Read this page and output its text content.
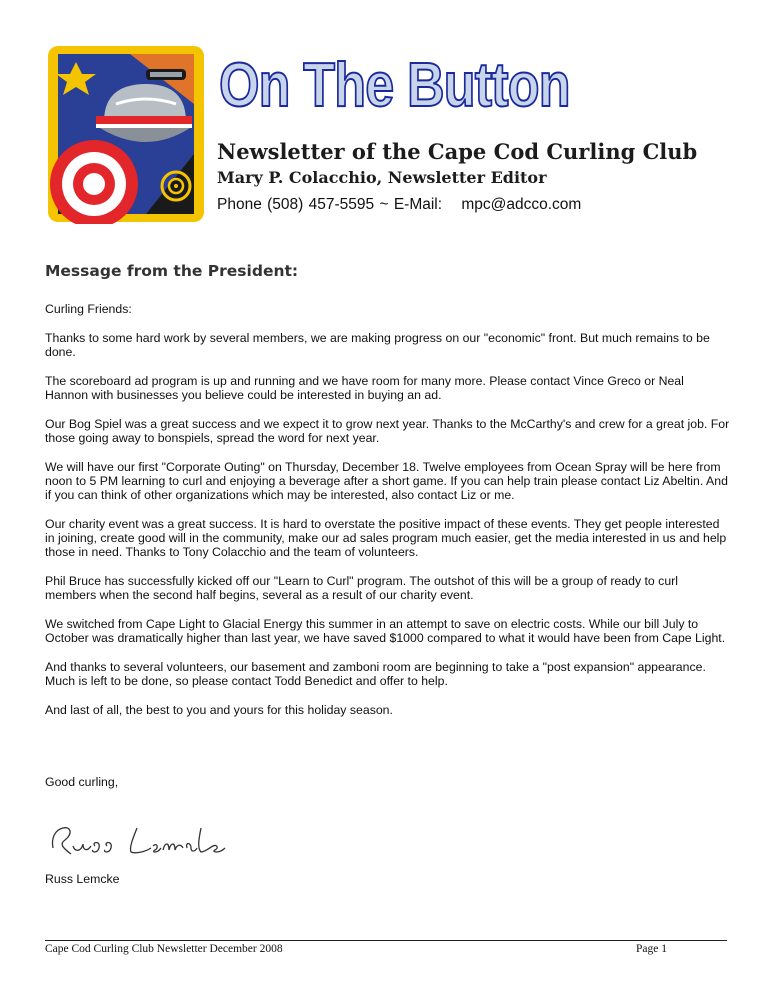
On The Button
Newsletter of the Cape Cod Curling Club
Mary P. Colacchio, Newsletter Editor
Phone (508) 457-5595 ~ E-Mail: mpc@adcco.com
Message from the President:

Curling Friends:

Thanks to some hard work by several members, we are making progress on our "economic" front. But much remains to be done.

The scoreboard ad program is up and running and we have room for many more. Please contact Vince Greco or Neal Hannon with businesses you believe could be interested in buying an ad.

Our Bog Spiel was a great success and we expect it to grow next year. Thanks to the McCarthy's and crew for a great job. For those going away to bonspiels, spread the word for next year.

We will have our first "Corporate Outing" on Thursday, December 18. Twelve employees from Ocean Spray will be here from noon to 5 PM learning to curl and enjoying a beverage after a short game. If you can help train please contact Liz Abeltin. And if you can think of other organizations which may be interested, also contact Liz or me.

Our charity event was a great success. It is hard to overstate the positive impact of these events. They get people interested in joining, create good will in the community, make our ad sales program much easier, get the media interested in us and help those in need. Thanks to Tony Colacchio and the team of volunteers.

Phil Bruce has successfully kicked off our "Learn to Curl" program. The outshot of this will be a group of ready to curl members when the second half begins, several as a result of our charity event.

We switched from Cape Light to Glacial Energy this summer in an attempt to save on electric costs. While our bill July to October was dramatically higher than last year, we have saved $1000 compared to what it would have been from Cape Light.

And thanks to several volunteers, our basement and zamboni room are beginning to take a "post expansion" appearance. Much is left to be done, so please contact Todd Benedict and offer to help.

And last of all, the best to you and yours for this holiday season.

Good curling,
Russ Lemcke
Cape Cod Curling Club Newsletter December 2008	Page 1
